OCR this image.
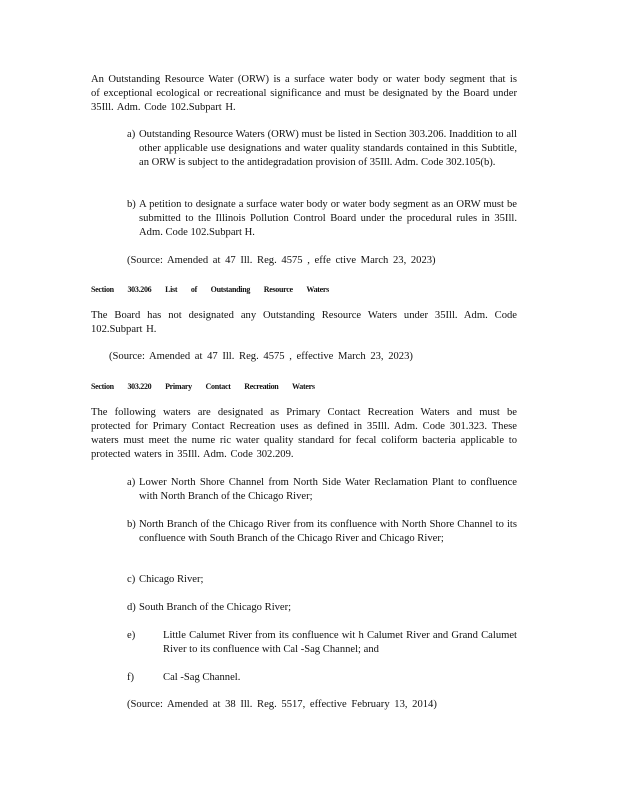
An Outstanding Resource Water (ORW) is a surface water body or water body segment that is of exceptional ecological or recreational significance and must be designated by the Board under 35Ill. Adm. Code 102.Subpart H.

a) Outstanding Resource Waters (ORW) must be listed in Section 303.206. Inaddition to all other applicable use designations and water quality standards contained in this Subtitle, an ORW is subject to the antidegradation provision of 35Ill. Adm. Code 302.105(b).
b) A petition to designate a surface water body or water body segment as an ORW must be submitted to the Illinois Pollution Control Board under the procedural rules in 35Ill. Adm. Code 102.Subpart H.

(Source: Amended at 47 Ill. Reg. 4575 , effe ctive March 23, 2023)

Section 303.206 List of Outstanding Resource Waters

The Board has not designated any Outstanding Resource Waters under 35Ill. Adm. Code 102.Subpart H.

(Source: Amended at 47 Ill. Reg. 4575 , effective March 23, 2023)

Section 303.220 Primary Contact Recreation Waters

The following waters are designated as Primary Contact Recreation Waters and must be protected for Primary Contact Recreation uses as defined in 35Ill. Adm. Code 301.323. These waters must meet the nume ric water quality standard for fecal coliform bacteria applicable to protected waters in 35Ill. Adm. Code 302.209.

a) Lower North Shore Channel from North Side Water Reclamation Plant to confluence with North Branch of the Chicago River;
b) North Branch of the Chicago River from its confluence with North Shore Channel to its confluence with South Branch of the Chicago River and Chicago River;
c) Chicago River;
d) South Branch of the Chicago River;
e)	Little Calumet River from its confluence wit h Calumet River and Grand Calumet River to its confluence with Cal -Sag Channel; and
f)	Cal -Sag Channel.

(Source: Amended at 38 Ill. Reg. 5517, effective February 13, 2014)
